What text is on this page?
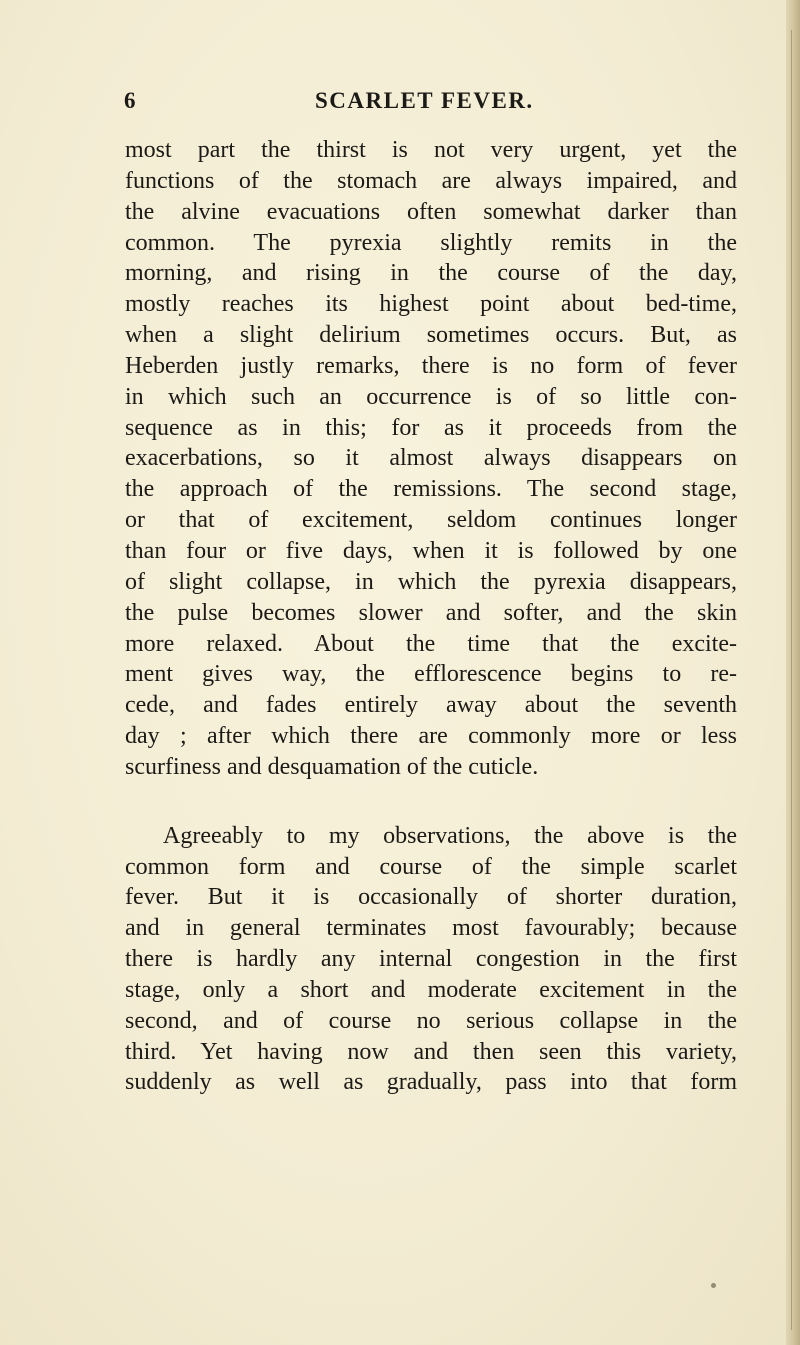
6	SCARLET FEVER.
most part the thirst is not very urgent, yet the
functions of the stomach are always impaired, and
the alvine evacuations often somewhat darker than
common. The pyrexia slightly remits in the
morning, and rising in the course of the day,
mostly reaches its highest point about bed-time,
when a slight delirium sometimes occurs. But, as
Heberden justly remarks, there is no form of fever
in which such an occurrence is of so little con-
sequence as in this; for as it proceeds from the
exacerbations, so it almost always disappears on
the approach of the remissions. The second stage,
or that of excitement, seldom continues longer
than four or five days, when it is followed by one
of slight collapse, in which the pyrexia disappears,
the pulse becomes slower and softer, and the skin
more relaxed. About the time that the excite-
ment gives way, the efflorescence begins to re-
cede, and fades entirely away about the seventh
day ; after which there are commonly more or less
scurfiness and desquamation of the cuticle.
Agreeably to my observations, the above is the
common form and course of the simple scarlet
fever. But it is occasionally of shorter duration,
and in general terminates most favourably; because
there is hardly any internal congestion in the first
stage, only a short and moderate excitement in the
second, and of course no serious collapse in the
third. Yet having now and then seen this variety,
suddenly as well as gradually, pass into that form
